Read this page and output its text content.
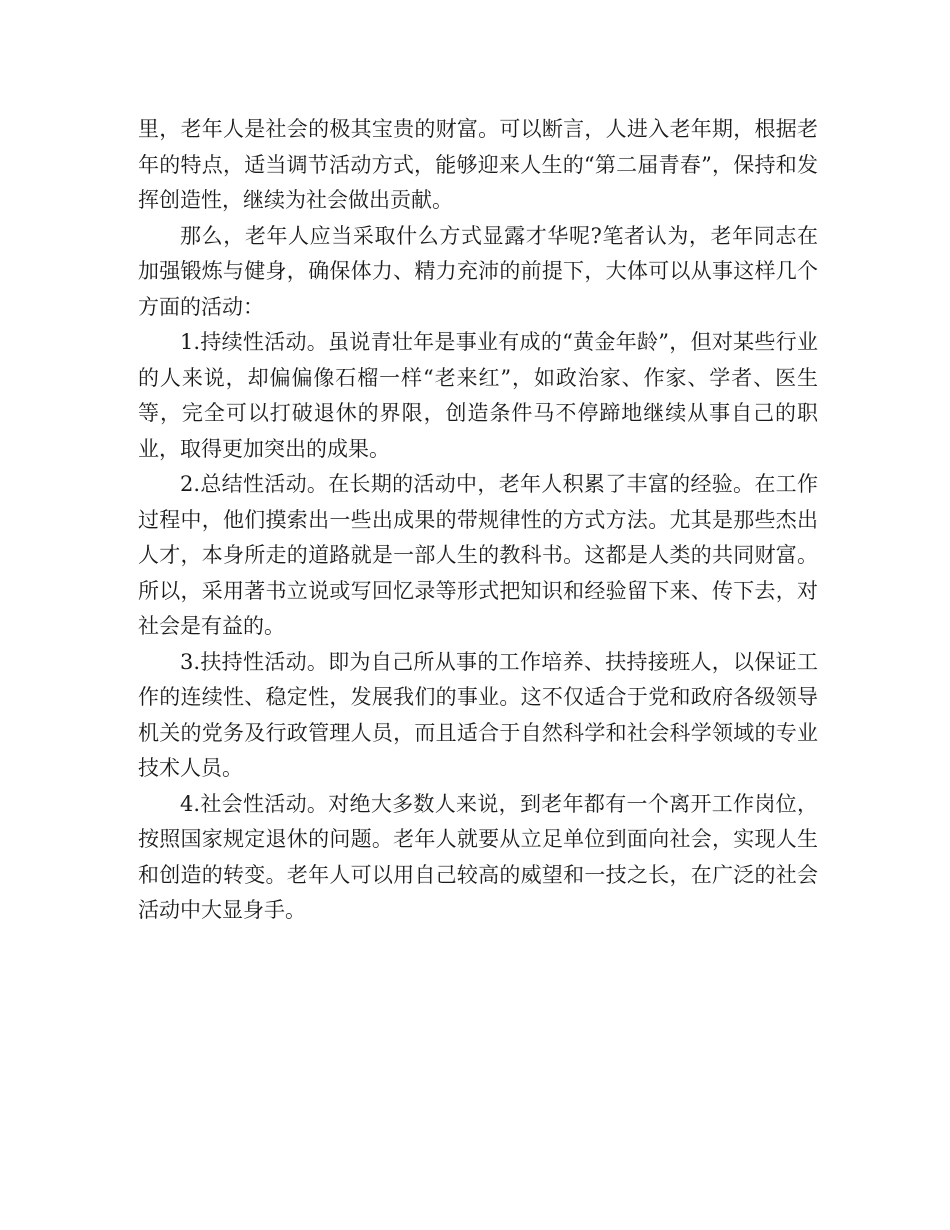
里，老年人是社会的极其宝贵的财富。可以断言，人进入老年期，根据老年的特点，适当调节活动方式，能够迎来人生的“第二届青春”，保持和发挥创造性，继续为社会做出贡献。

那么，老年人应当采取什么方式显露才华呢?笔者认为，老年同志在加强锻炼与健身，确保体力、精力充沛的前提下，大体可以从事这样几个方面的活动：

1.持续性活动。虽说青壮年是事业有成的“黄金年龄”，但对某些行业的人来说，却偏偏像石榴一样“老来红”，如政治家、作家、学者、医生等，完全可以打破退休的界限，创造条件马不停蹄地继续从事自己的职业，取得更加突出的成果。

2.总结性活动。在长期的活动中，老年人积累了丰富的经验。在工作过程中，他们摸索出一些出成果的带规律性的方式方法。尤其是那些杰出人才，本身所走的道路就是一部人生的教科书。这都是人类的共同财富。所以，采用著书立说或写回忆录等形式把知识和经验留下来、传下去，对社会是有益的。

3.扶持性活动。即为自己所从事的工作培养、扶持接班人，以保证工作的连续性、稳定性，发展我们的事业。这不仅适合于党和政府各级领导机关的党务及行政管理人员，而且适合于自然科学和社会科学领域的专业技术人员。

4.社会性活动。对绝大多数人来说，到老年都有一个离开工作岗位，按照国家规定退休的问题。老年人就要从立足单位到面向社会，实现人生和创造的转变。老年人可以用自己较高的威望和一技之长，在广泛的社会活动中大显身手。
